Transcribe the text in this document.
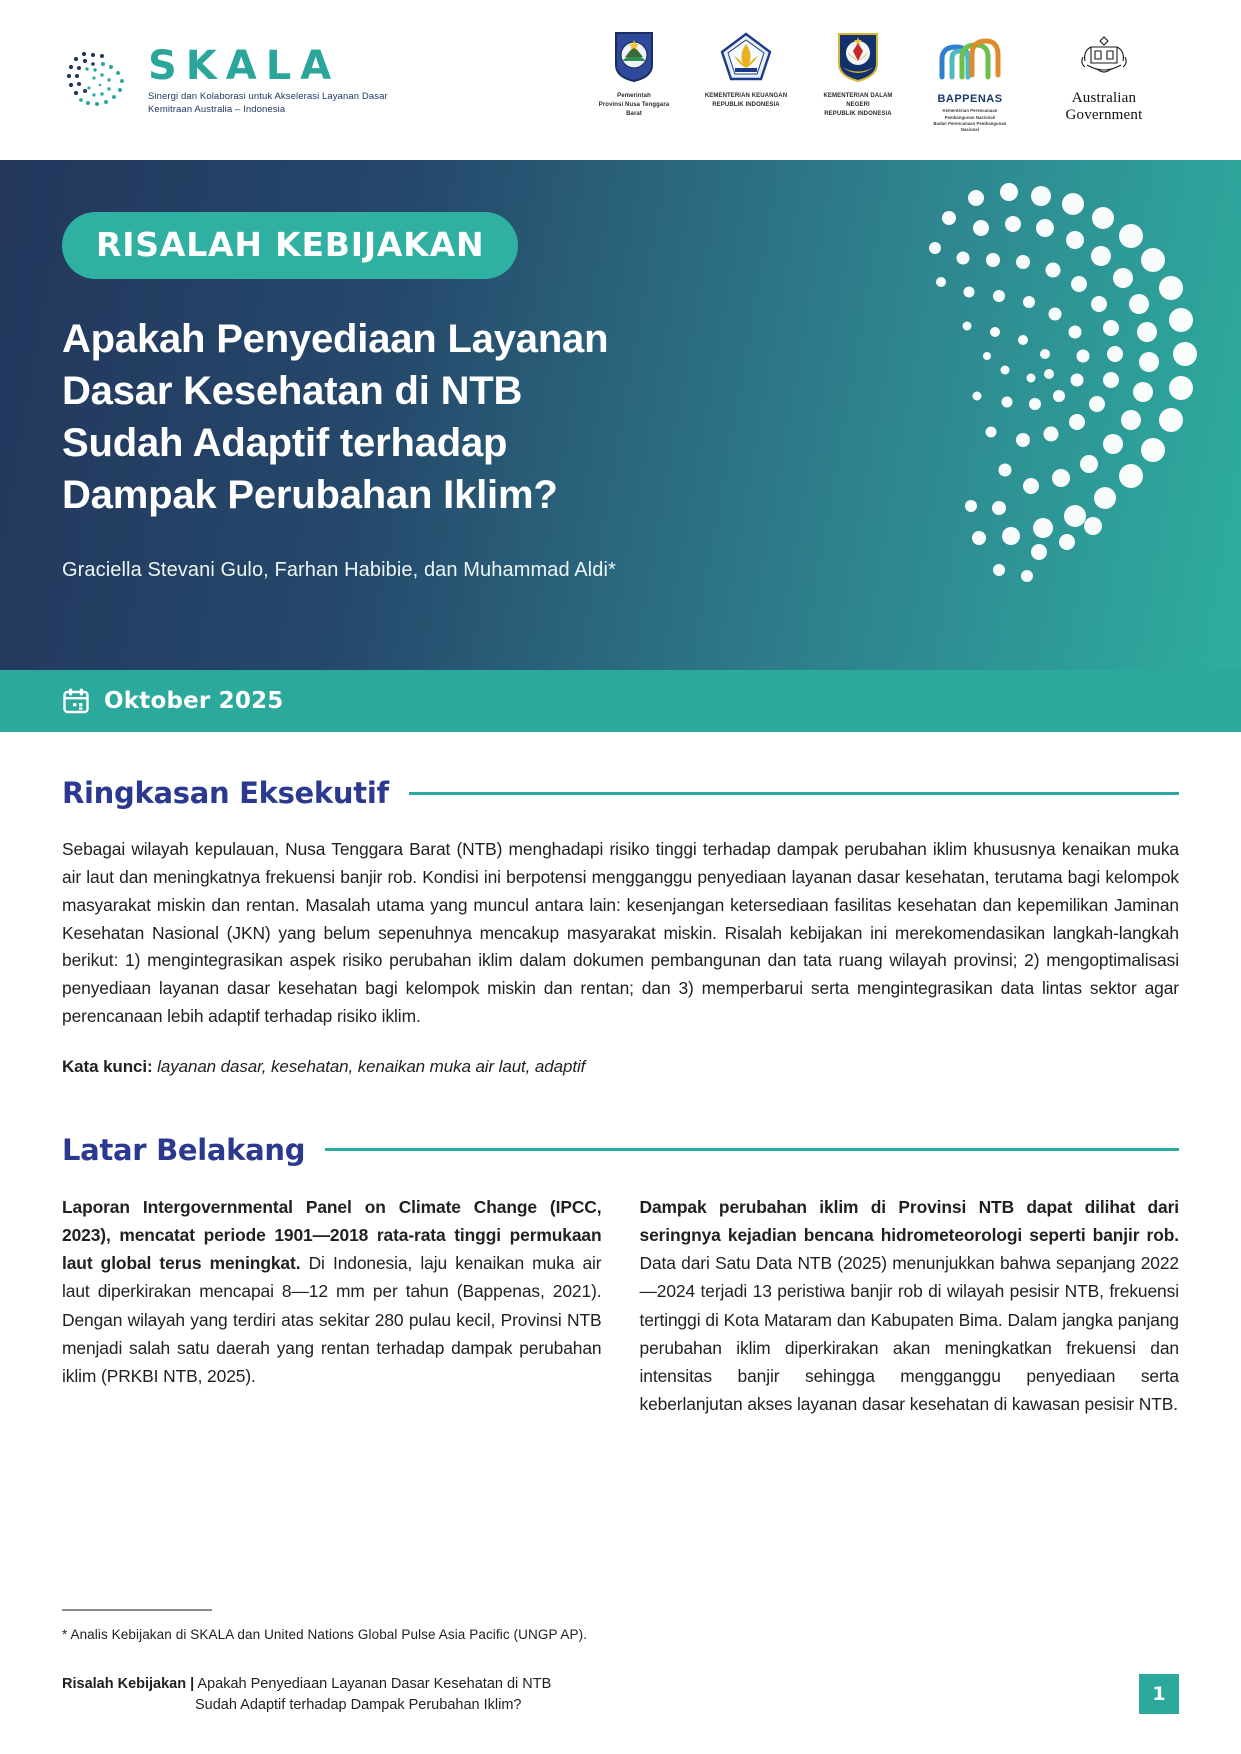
SKALA
Sinergi dan Kolaborasi untuk Akselerasi Layanan Dasar
Kemitraan Australia – Indonesia
Pemerintah
Provinsi Nusa Tenggara Barat
KEMENTERIAN KEUANGAN
REPUBLIK INDONESIA
KEMENTERIAN DALAM NEGERI
REPUBLIK INDONESIA
BAPPENAS
Kementerian Perencanaan Pembangunan Nasional/
Badan Perencanaan Pembangunan Nasional
Australian Government
RISALAH KEBIJAKAN
Apakah Penyediaan Layanan
Dasar Kesehatan di NTB
Sudah Adaptif terhadap
Dampak Perubahan Iklim?
Graciella Stevani Gulo, Farhan Habibie, dan Muhammad Aldi*
Oktober 2025
Ringkasan Eksekutif

Sebagai wilayah kepulauan, Nusa Tenggara Barat (NTB) menghadapi risiko tinggi terhadap dampak perubahan iklim khususnya kenaikan muka air laut dan meningkatnya frekuensi banjir rob. Kondisi ini berpotensi mengganggu penyediaan layanan dasar kesehatan, terutama bagi kelompok masyarakat miskin dan rentan. Masalah utama yang muncul antara lain: kesenjangan ketersediaan fasilitas kesehatan dan kepemilikan Jaminan Kesehatan Nasional (JKN) yang belum sepenuhnya mencakup masyarakat miskin. Risalah kebijakan ini merekomendasikan langkah-langkah berikut: 1) mengintegrasikan aspek risiko perubahan iklim dalam dokumen pembangunan dan tata ruang wilayah provinsi; 2) mengoptimalisasi penyediaan layanan dasar kesehatan bagi kelompok miskin dan rentan; dan 3) memperbarui serta mengintegrasikan data lintas sektor agar perencanaan lebih adaptif terhadap risiko iklim.

Kata kunci: layanan dasar, kesehatan, kenaikan muka air laut, adaptif
Latar Belakang

Laporan Intergovernmental Panel on Climate Change (IPCC, 2023), mencatat periode 1901—2018 rata-rata tinggi permukaan laut global terus meningkat. Di Indonesia, laju kenaikan muka air laut diperkirakan mencapai 8—12 mm per tahun (Bappenas, 2021). Dengan wilayah yang terdiri atas sekitar 280 pulau kecil, Provinsi NTB menjadi salah satu daerah yang rentan terhadap dampak perubahan iklim (PRKBI NTB, 2025).

Dampak perubahan iklim di Provinsi NTB dapat dilihat dari seringnya kejadian bencana hidrometeorologi seperti banjir rob. Data dari Satu Data NTB (2025) menunjukkan bahwa sepanjang 2022—2024 terjadi 13 peristiwa banjir rob di wilayah pesisir NTB, frekuensi tertinggi di Kota Mataram dan Kabupaten Bima. Dalam jangka panjang perubahan iklim diperkirakan akan meningkatkan frekuensi dan intensitas banjir sehingga mengganggu penyediaan serta keberlanjutan akses layanan dasar kesehatan di kawasan pesisir NTB.

* Analis Kebijakan di SKALA dan United Nations Global Pulse Asia Pacific (UNGP AP).
Risalah Kebijakan | Apakah Penyediaan Layanan Dasar Kesehatan di NTB
Sudah Adaptif terhadap Dampak Perubahan Iklim?
1
